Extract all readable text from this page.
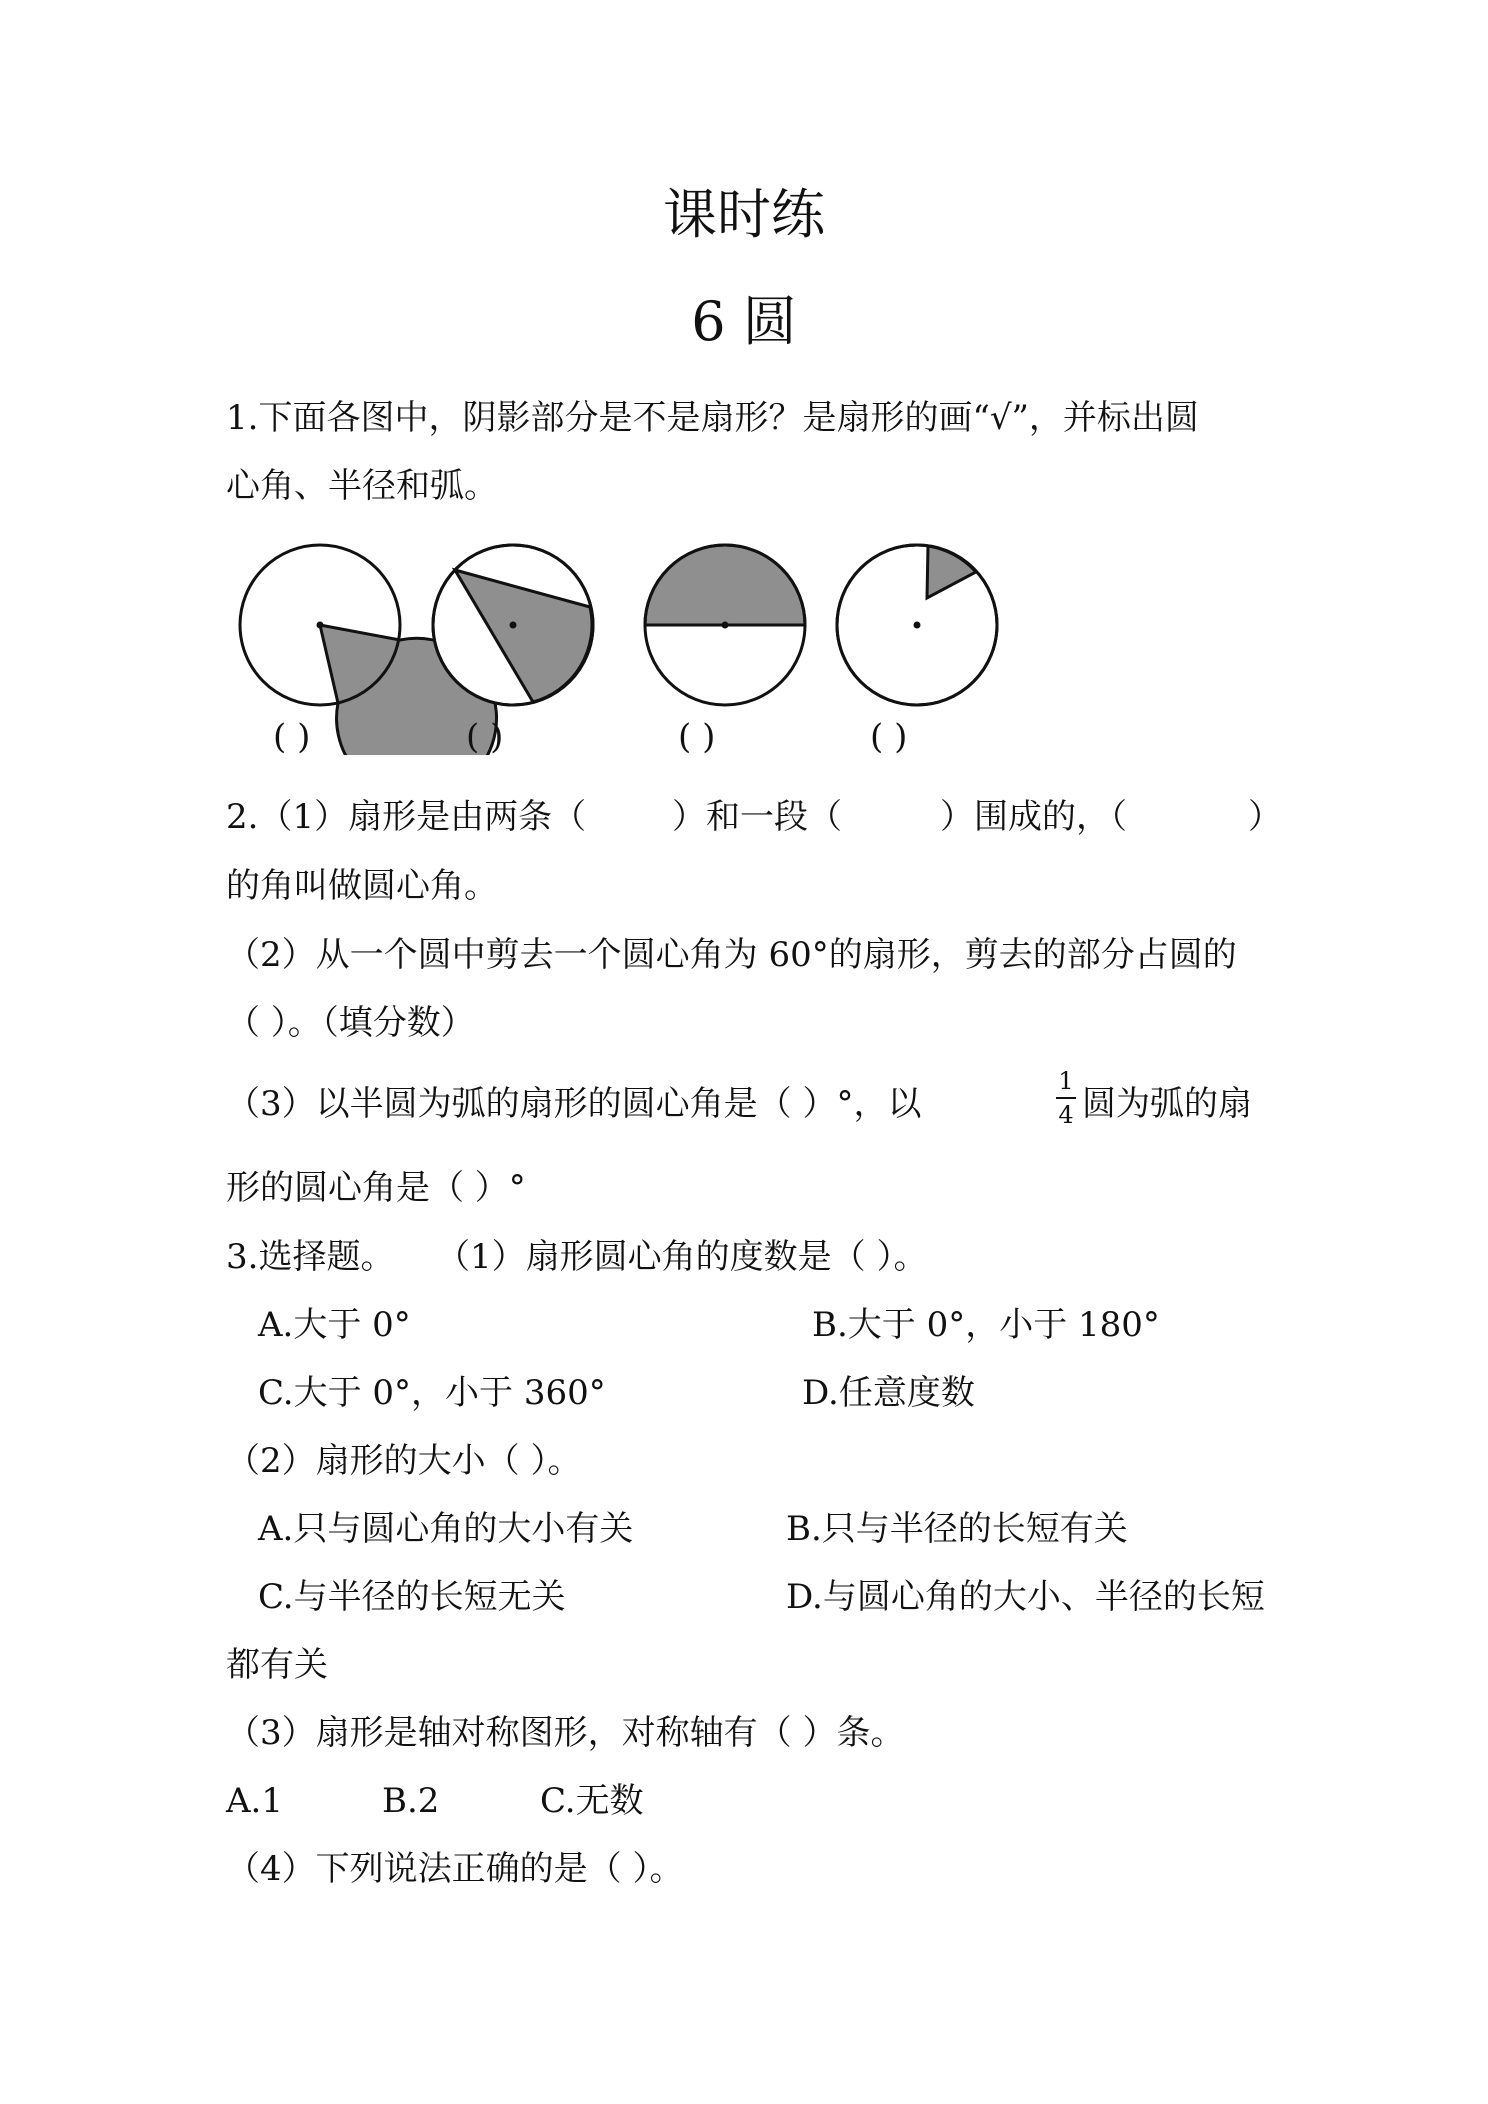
课时练
6 圆
1.下面各图中，阴影部分是不是扇形？是扇形的画“√”，并标出圆
心角、半径和弧。
( )	( )	( )	( )
2.（1）扇形是由两条（	）和一段（	）围成的，（	）
的角叫做圆心角。
（2）从一个圆中剪去一个圆心角为 60°的扇形，剪去的部分占圆的
（ ）。（填分数）
（3）以半圆为弧的扇形的圆心角是（ ）°，以
1
4 圆为弧的扇
形的圆心角是（ ）°
3.选择题。 （1）扇形圆心角的度数是（ ）。
A.大于 0°	B.大于 0°，小于 180°
C.大于 0°，小于 360°	D.任意度数
（2）扇形的大小（ ）。
A.只与圆心角的大小有关	B.只与半径的长短有关
C.与半径的长短无关	D.与圆心角的大小、半径的长短
都有关
（3）扇形是轴对称图形，对称轴有（ ）条。
A.1	B.2	C.无数
（4）下列说法正确的是（ ）。
